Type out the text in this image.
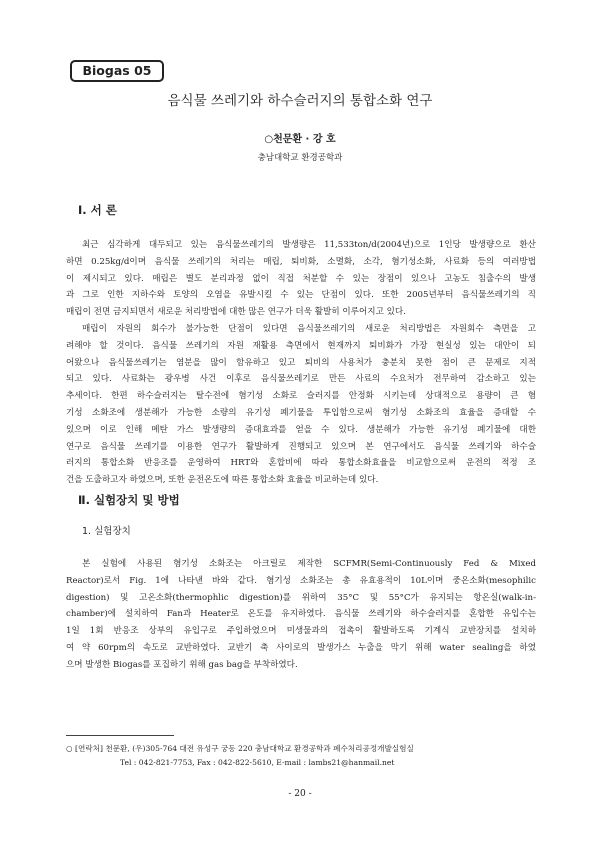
Biogas 05
음식물 쓰레기와 하수슬러지의 통합소화 연구
○천문환 · 강 호
충남대학교 환경공학과
Ⅰ. 서 론
최근 심각하게 대두되고 있는 음식물쓰레기의 발생량은 11,533ton/d(2004년)으로 1인당 발생량으로 환산
하면 0.25kg/d이며 음식물 쓰레기의 처리는 매립, 퇴비화, 소멸화, 소각, 혐기성소화, 사료화 등의 여러방법
이 제시되고 있다. 매립은 별도 분리과정 없이 직접 처분할 수 있는 장점이 있으나 고농도 침출수의 발생
과 그로 인한 지하수와 토양의 오염을 유발시킬 수 있는 단점이 있다. 또한 2005년부터 음식물쓰레기의 직
매립이 전면 금지되면서 새로운 처리방법에 대한 많은 연구가 더욱 활발히 이루어지고 있다.
매립이 자원의 회수가 불가능한 단점이 있다면 음식물쓰레기의 새로운 처리방법은 자원회수 측면을 고
려해야 할 것이다. 음식물 쓰레기의 자원 재활용 측면에서 현재까지 퇴비화가 가장 현실성 있는 대안이 되
어왔으나 음식물쓰레기는 염분을 많이 함유하고 있고 퇴비의 사용처가 충분치 못한 점이 큰 문제로 지적
되고 있다. 사료화는 광우병 사건 이후로 음식물쓰레기로 만든 사료의 수요처가 전무하여 감소하고 있는
추세이다. 한편 하수슬러지는 탈수전에 혐기성 소화로 슬러지를 안정화 시키는데 상대적으로 용량이 큰 혐
기성 소화조에 생분해가 가능한 소량의 유기성 폐기물을 투입함으로써 혐기성 소화조의 효율을 증대할 수
있으며 이로 인해 메탄 가스 발생량의 증대효과를 얻을 수 있다. 생분해가 가능한 유기성 폐기물에 대한
연구로 음식물 쓰레기를 이용한 연구가 활발하게 진행되고 있으며 본 연구에서도 음식물 쓰레기와 하수슬
러지의 통합소화 반응조를 운영하여 HRT와 혼합비에 따라 통합소화효율을 비교함으로써 운전의 적정 조
건을 도출하고자 하였으며, 또한 운전온도에 따른 통합소화 효율을 비교하는데 있다.
Ⅱ. 실험장치 및 방법
1. 실험장치
본 실험에 사용된 혐기성 소화조는 아크릴로 제작한 SCFMR(Semi-Continuously Fed & Mixed
Reactor)로서 Fig. 1에 나타낸 바와 같다. 혐기성 소화조는 총 유효용적이 10L이며 중온소화(mesophilic
digestion) 및 고온소화(thermophlic digestion)를 위하여 35°C 및 55°C가 유지되는 항온실(walk-in-
chamber)에 설치하여 Fan과 Heater로 온도를 유지하였다. 음식물 쓰레기와 하수슬러지를 혼합한 유입수는
1일 1회 반응조 상부의 유입구로 주입하였으며 미생물과의 접촉이 활발하도록 기계식 교반장치를 설치하
여 약 60rpm의 속도로 교반하였다. 교반기 축 사이로의 발생가스 누출을 막기 위해 water sealing을 하였
으며 발생한 Biogas를 포집하기 위해 gas bag을 부착하였다.
○ [연락처] 천문환, (우)305-764 대전 유성구 궁동 220 충남대학교 환경공학과 폐수처리공정개발실험실
Tel : 042-821-7753, Fax : 042-822-5610, E-mail : lambs21@hanmail.net
- 20 -
